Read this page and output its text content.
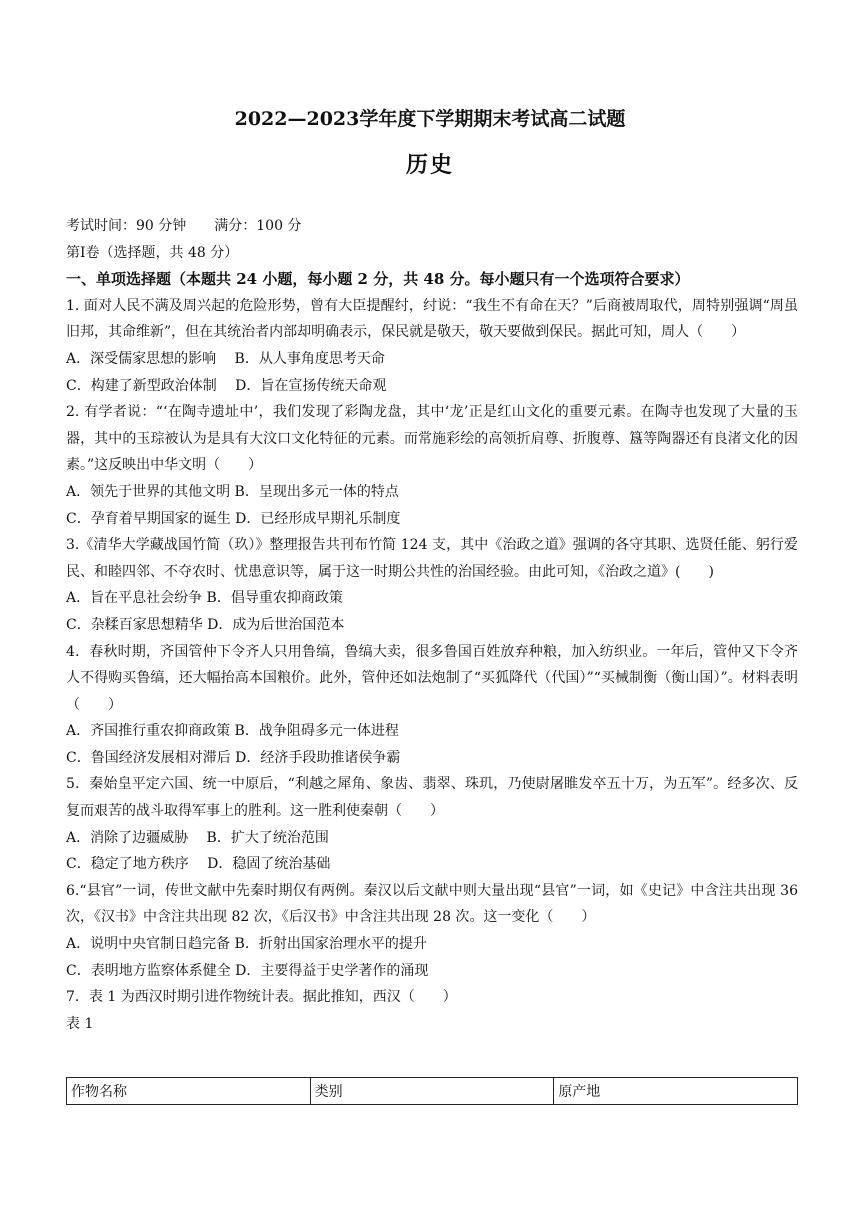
2022—2023学年度下学期期末考试高二试题
历史
考试时间：90 分钟　　满分：100 分
第Ⅰ卷（选择题，共 48 分）
一、单项选择题（本题共 24 小题，每小题 2 分，共 48 分。每小题只有一个选项符合要求）
1. 面对人民不满及周兴起的危险形势，曾有大臣提醒纣，纣说：“我生不有命在天？”后商被周取代，周特别强调“周虽旧邦，其命维新”，但在其统治者内部却明确表示，保民就是敬天，敬天要做到保民。据此可知，周人（　　）
A．深受儒家思想的影响　 B．从人事角度思考天命
C．构建了新型政治体制　 D．旨在宣扬传统天命观
2. 有学者说：“‘在陶寺遗址中’，我们发现了彩陶龙盘，其中‘龙’正是红山文化的重要元素。在陶寺也发现了大量的玉器，其中的玉琮被认为是具有大汶口文化特征的元素。而常施彩绘的高领折肩尊、折腹尊、簋等陶器还有良渚文化的因素。”这反映出中华文明（　　）
A．领先于世界的其他文明 B．呈现出多元一体的特点
C．孕育着早期国家的诞生 D．已经形成早期礼乐制度
3.《清华大学藏战国竹简（玖）》整理报告共刊布竹简 124 支，其中《治政之道》强调的各守其职、选贤任能、躬行爱民、和睦四邻、不夺农时、忧患意识等，属于这一时期公共性的治国经验。由此可知，《治政之道》(　　)
A．旨在平息社会纷争 B．倡导重农抑商政策
C．杂糅百家思想精华 D．成为后世治国范本
4．春秋时期，齐国管仲下令齐人只用鲁缟，鲁缟大卖，很多鲁国百姓放弃种粮，加入纺织业。一年后，管仲又下令齐人不得购买鲁缟，还大幅抬高本国粮价。此外，管仲还如法炮制了“买狐降代（代国）”“买械制衡（衡山国）”。材料表明（　　）
A．齐国推行重农抑商政策 B．战争阻碍多元一体进程
C．鲁国经济发展相对滞后 D．经济手段助推诸侯争霸
5．秦始皇平定六国、统一中原后，“利越之犀角、象齿、翡翠、珠玑，乃使尉屠睢发卒五十万，为五军”。经多次、反复而艰苦的战斗取得军事上的胜利。这一胜利使秦朝（　　）
A．消除了边疆威胁　 B．扩大了统治范围
C．稳定了地方秩序　 D．稳固了统治基础
6.“县官”一词，传世文献中先秦时期仅有两例。秦汉以后文献中则大量出现“县官”一词，如《史记》中含注共出现 36 次，《汉书》中含注共出现 82 次，《后汉书》中含注共出现 28 次。这一变化（　　）
A．说明中央官制日趋完备 B．折射出国家治理水平的提升
C．表明地方监察体系健全 D．主要得益于史学著作的涌现
7．表 1 为西汉时期引进作物统计表。据此推知，西汉（　　）
表 1
作物名称	类别	原产地
